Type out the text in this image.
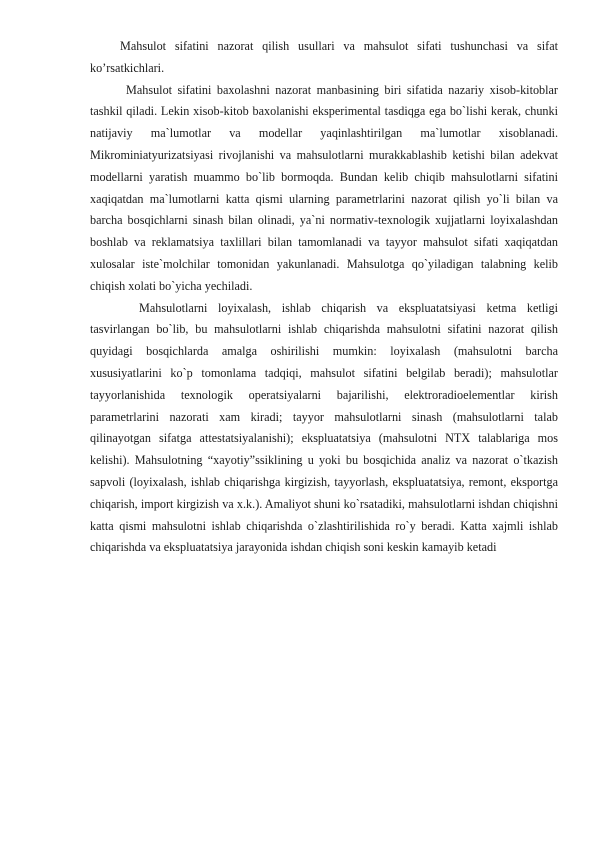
Mahsulot sifatini nazorat qilish usullari va mahsulot sifati tushunchasi va sifat ko’rsatkichlari.

Mahsulot sifatini baxolashni nazorat manbasining biri sifatida nazariy xisob-kitoblar tashkil qiladi. Lekin xisob-kitob baxolanishi eksperimental tasdiqga ega bo`lishi kerak, chunki natijaviy ma`lumotlar va modellar yaqinlashtirilgan ma`lumotlar xisoblanadi. Mikrominiatyurizatsiyasi rivojlanishi va mahsulotlarni murakkablashib ketishi bilan adekvat modellarni yaratish muammo bo`lib bormoqda. Bundan kelib chiqib mahsulotlarni sifatini xaqiqatdan ma`lumotlarni katta qismi ularning parametrlarini nazorat qilish yo`li bilan va barcha bosqichlarni sinash bilan olinadi, ya`ni normativ-texnologik xujjatlarni loyixalashdan boshlab va reklamatsiya taxlillari bilan tamomlanadi va tayyor mahsulot sifati xaqiqatdan xulosalar iste`molchilar tomonidan yakunlanadi. Mahsulotga qo`yiladigan talabning kelib chiqish xolati bo`yicha yechiladi.

Mahsulotlarni loyixalash, ishlab chiqarish va ekspluatatsiyasi ketma ketligi tasvirlangan bo`lib, bu mahsulotlarni ishlab chiqarishda mahsulotni sifatini nazorat qilish quyidagi bosqichlarda amalga oshirilishi mumkin: loyixalash (mahsulotni barcha xususiyatlarini ko`p tomonlama tadqiqi, mahsulot sifatini belgilab beradi); mahsulotlar tayyorlanishida texnologik operatsiyalarni bajarilishi, elektroradioelementlar kirish parametrlarini nazorati xam kiradi; tayyor mahsulotlarni sinash (mahsulotlarni talab qilinayotgan sifatga attestatsiyalanishi); ekspluatatsiya (mahsulotni NTX talablariga mos kelishi). Mahsulotning “xayotiy”ssiklining u yoki bu bosqichida analiz va nazorat o`tkazish sapvoli (loyixalash, ishlab chiqarishga kirgizish, tayyorlash, ekspluatatsiya, remont, eksportga chiqarish, import kirgizish va x.k.). Amaliyot shuni ko`rsatadiki, mahsulotlarni ishdan chiqishni katta qismi mahsulotni ishlab chiqarishda o`zlashtirilishida ro`y beradi. Katta xajmli ishlab chiqarishda va ekspluatatsiya jarayonida ishdan chiqish soni keskin kamayib ketadi
